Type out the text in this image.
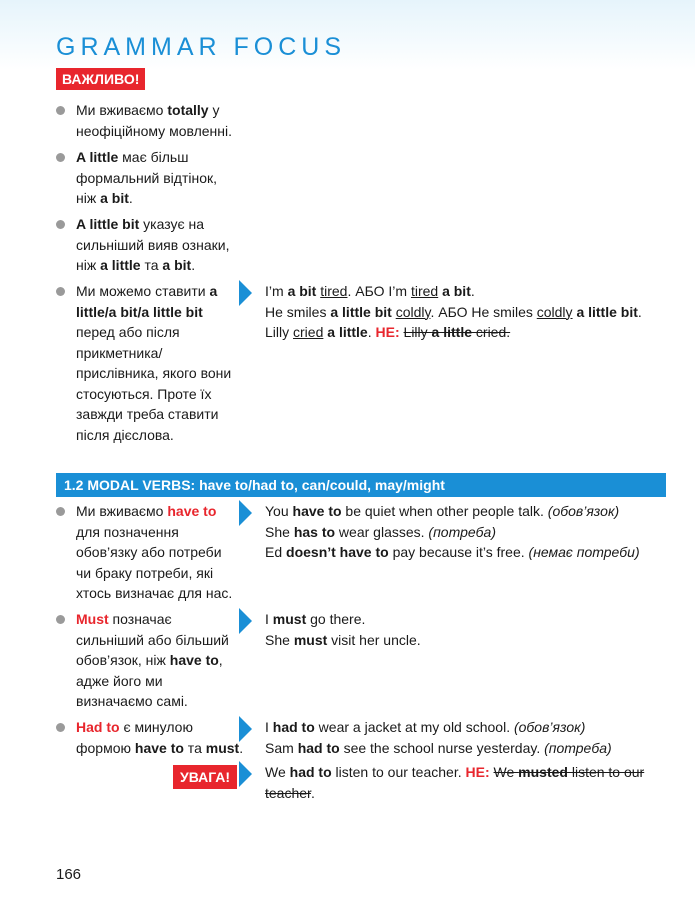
GRAMMAR FOCUS
ВАЖЛИВО!
Ми вживаємо totally у
неофіційному мовленні.
A little має більш
формальний відтінок,
ніж a bit.
A little bit указує на
сильніший вияв ознаки,
ніж a little та a bit.
Ми можемо ставити a
little/a bit/a little bit
перед або після
прикметника/
прислівника, якого вони
стосуються. Проте їх
завжди треба ставити
після дієслова.
I’m a bit tired. АБО I’m tired a bit.
He smiles a little bit coldly. АБО He smiles coldly a little bit.
Lilly cried a little. НЕ: Lilly a little cried.
1.2 MODAL VERBS: have to/had to, can/could, may/might
Ми вживаємо have to
для позначення
обов’язку або потреби
чи браку потреби, які
хтось визначає для нас.
You have to be quiet when other people talk. (обов’язок)
She has to wear glasses. (потреба)
Ed doesn’t have to pay because it’s free. (немає потреби)
Must позначає
сильніший або більший
обов’язок, ніж have to,
адже його ми
визначаємо самі.
I must go there.
She must visit her uncle.
Had to є минулою
формою have to та must.
I had to wear a jacket at my old school. (обов’язок)
Sam had to see the school nurse yesterday. (потреба)
УВАГА!	We had to listen to our teacher. НЕ: We musted listen to our
teacher.
166
